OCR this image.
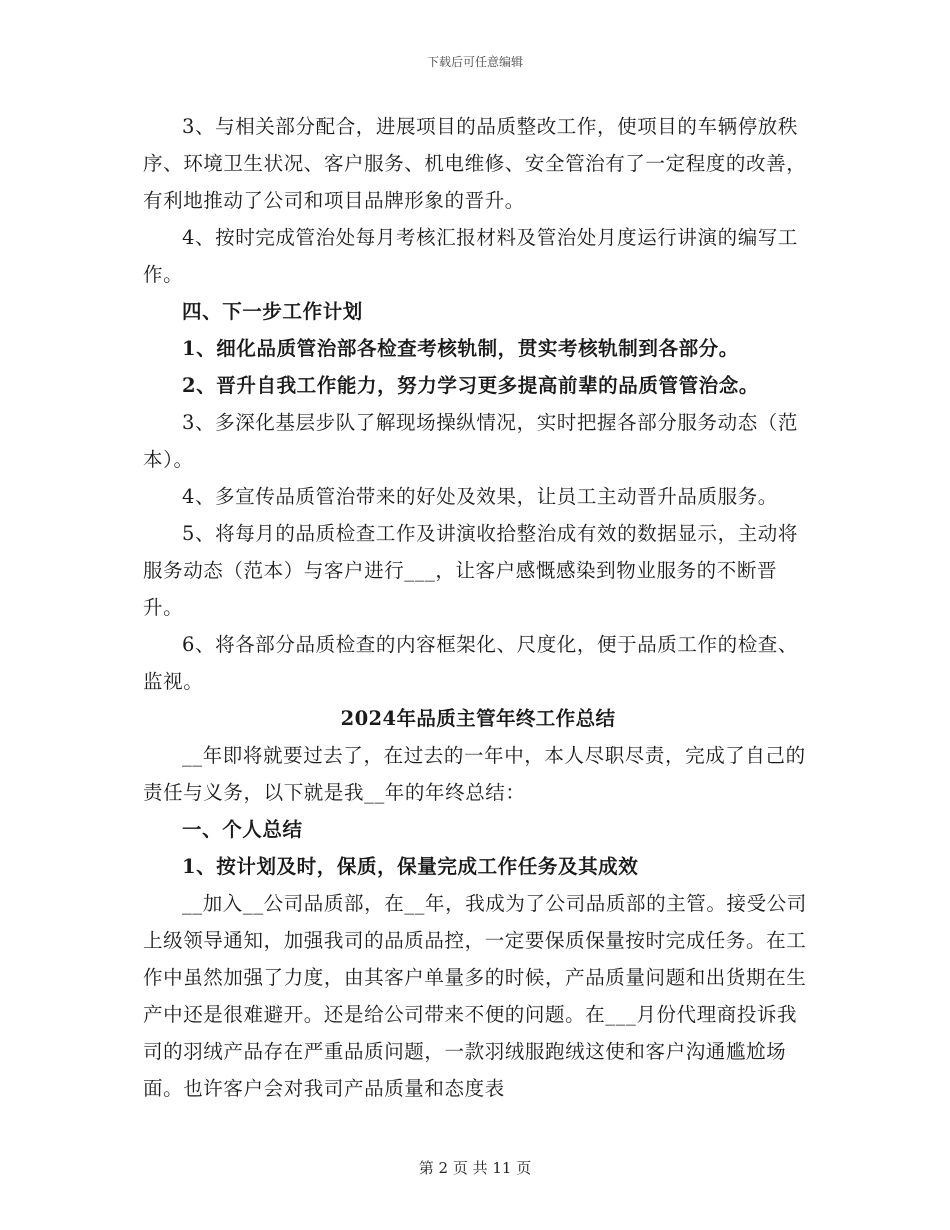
下载后可任意编辑

3、与相关部分配合，进展项目的品质整改工作，使项目的车辆停放秩序、环境卫生状况、客户服务、机电维修、安全管治有了一定程度的改善，有利地推动了公司和项目品牌形象的晋升。

4、按时完成管治处每月考核汇报材料及管治处月度运行讲演的编写工作。

四、下一步工作计划

1、细化品质管治部各检查考核轨制，贯实考核轨制到各部分。

2、晋升自我工作能力，努力学习更多提高前辈的品质管管治念。

3、多深化基层步队了解现场操纵情况，实时把握各部分服务动态（范本）。

4、多宣传品质管治带来的好处及效果，让员工主动晋升品质服务。

5、将每月的品质检查工作及讲演收拾整治成有效的数据显示，主动将服务动态（范本）与客户进行___，让客户感慨感染到物业服务的不断晋升。

6、将各部分品质检查的内容框架化、尺度化，便于品质工作的检查、监视。

2024年品质主管年终工作总结

__年即将就要过去了，在过去的一年中，本人尽职尽责，完成了自己的责任与义务，以下就是我__年的年终总结：

一、个人总结

1、按计划及时，保质，保量完成工作任务及其成效

__加入__公司品质部，在__年，我成为了公司品质部的主管。接受公司上级领导通知，加强我司的品质品控，一定要保质保量按时完成任务。在工作中虽然加强了力度，由其客户单量多的时候，产品质量问题和出货期在生产中还是很难避开。还是给公司带来不便的问题。在___月份代理商投诉我司的羽绒产品存在严重品质问题，一款羽绒服跑绒这使和客户沟通尴尬场面。也许客户会对我司产品质量和态度表

第 2 页 共 11 页
